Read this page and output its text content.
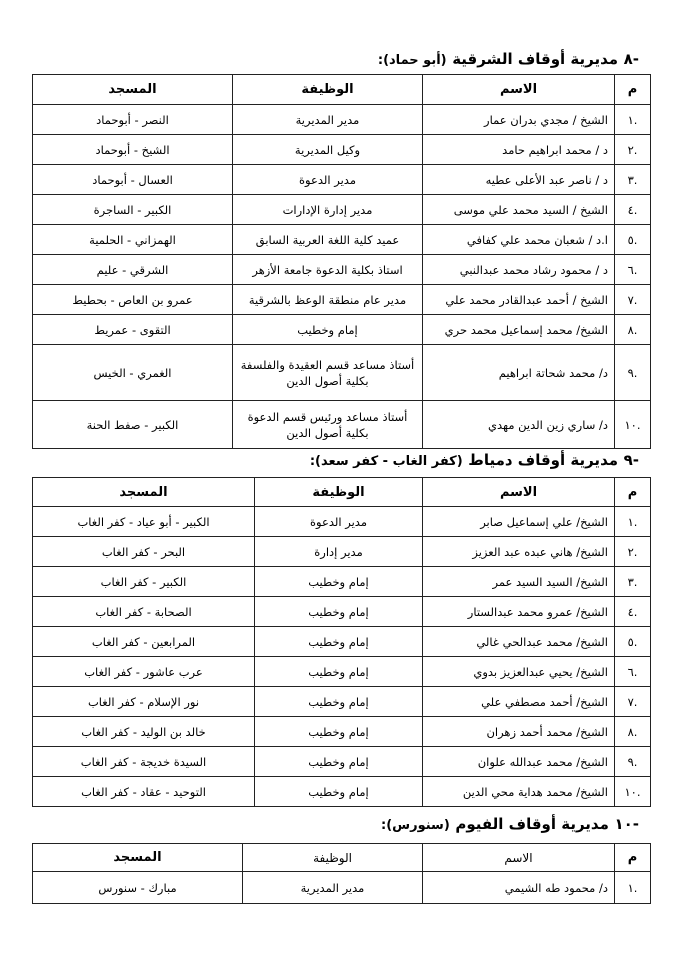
-٨ مديرية أوقاف الشرقية (أبو حماد):
م	الاسم	الوظيفة	المسجد
.١	الشيخ / مجدي بدران عمار	مدير المديرية	النصر - أبوحماد
.٢	د / محمد ابراهيم حامد	وكيل المديرية	الشيخ - أبوحماد
.٣	د / ناصر عبد الأعلى عطيه	مدير الدعوة	العسال - أبوحماد
.٤	الشيخ / السيد محمد علي موسى	مدير إدارة الإدارات	الكبير - الساجرة
.٥	ا.د / شعبان محمد علي كفافي	عميد كلية اللغة العربية السابق	الهمزاني - الحلمية
.٦	د / محمود رشاد محمد عبدالنبي	استاذ بكلية الدعوة جامعة الأزهر	الشرقي - عليم
.٧	الشيخ / أحمد عبدالقادر محمد علي	مدير عام منطقة الوعظ بالشرقية	عمرو بن العاص - بحطيط
.٨	الشيخ/ محمد إسماعيل محمد حري	إمام وخطيب	التقوى - عمريط
.٩	د/ محمد شحاتة ابراهيم	أستاذ مساعد قسم العقيدة والفلسفة
بكلية أصول الدين	الغمري - الخيس
.١٠	د/ ساري زين الدين مهدي	أستاذ مساعد ورئيس قسم الدعوة
بكلية أصول الدين	الكبير - صفط الحنة
-٩ مديرية أوقاف دمياط (كفر الغاب - كفر سعد):
م	الاسم	الوظيفة	المسجد
.١	الشيخ/ علي إسماعيل صابر	مدير الدعوة	الكبير - أبو عياد - كفر الغاب
.٢	الشيخ/ هاني عبده عبد العزيز	مدير إدارة	البحر - كفر الغاب
.٣	الشيخ/ السيد السيد عمر	إمام وخطيب	الكبير - كفر الغاب
.٤	الشيخ/ عمرو محمد عبدالستار	إمام وخطيب	الصحابة - كفر الغاب
.٥	الشيخ/ محمد عبدالحي غالي	إمام وخطيب	المرابعين - كفر الغاب
.٦	الشيخ/ يحيي عبدالعزيز بدوي	إمام وخطيب	عرب عاشور - كفر الغاب
.٧	الشيخ/ أحمد مصطفي علي	إمام وخطيب	نور الإسلام - كفر الغاب
.٨	الشيخ/ محمد أحمد زهران	إمام وخطيب	خالد بن الوليد - كفر الغاب
.٩	الشيخ/ محمد عبدالله علوان	إمام وخطيب	السيدة خديجة - كفر الغاب
.١٠	الشيخ/ محمد هداية محي الدين	إمام وخطيب	التوحيد - عقاد - كفر الغاب
-١٠ مديرية أوقاف الفيوم (سنورس):
م	الاسم	الوظيفة	المسجد
.١	د/ محمود طه الشيمي	مدير المديرية	مبارك - سنورس
